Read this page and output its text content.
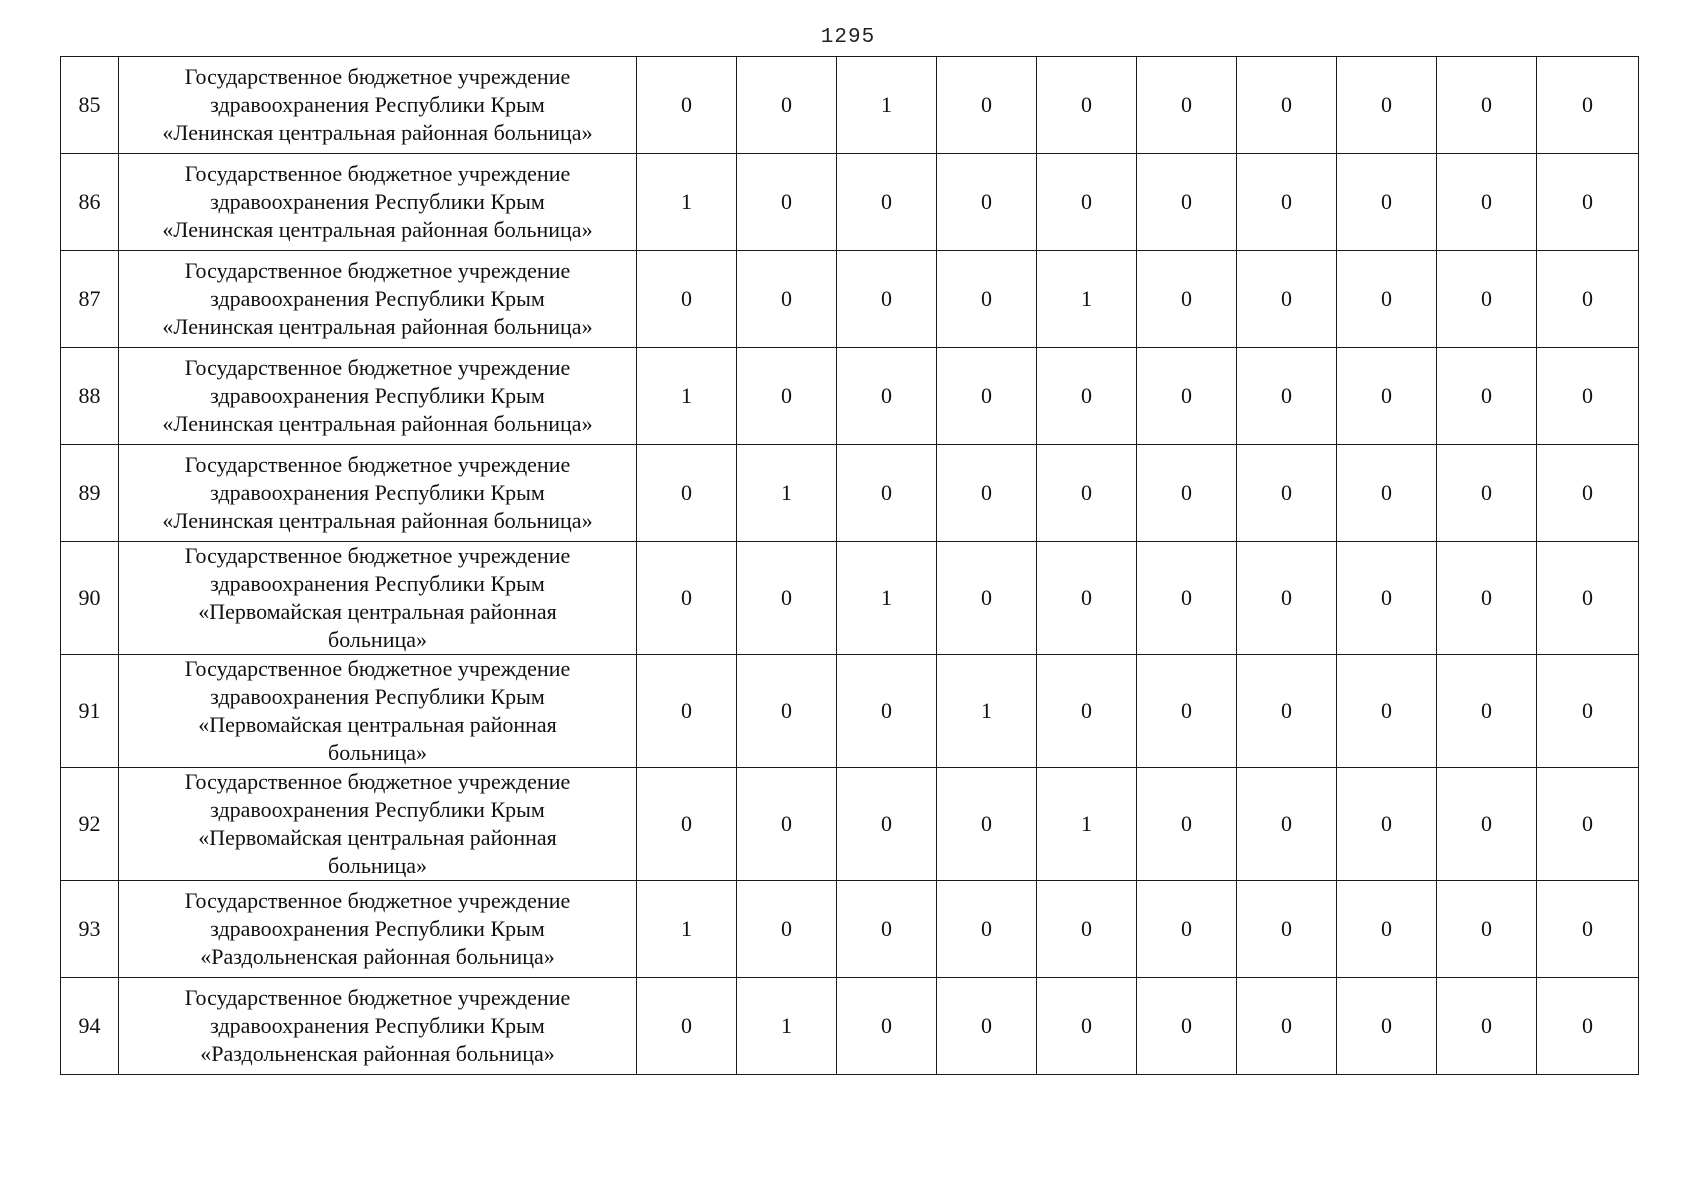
1295
85	Государственное бюджетное учреждение
здравоохранения Республики Крым
«Ленинская центральная районная больница»	0	0	1	0	0	0	0	0	0	0
86	Государственное бюджетное учреждение
здравоохранения Республики Крым
«Ленинская центральная районная больница»	1	0	0	0	0	0	0	0	0	0
87	Государственное бюджетное учреждение
здравоохранения Республики Крым
«Ленинская центральная районная больница»	0	0	0	0	1	0	0	0	0	0
88	Государственное бюджетное учреждение
здравоохранения Республики Крым
«Ленинская центральная районная больница»	1	0	0	0	0	0	0	0	0	0
89	Государственное бюджетное учреждение
здравоохранения Республики Крым
«Ленинская центральная районная больница»	0	1	0	0	0	0	0	0	0	0
90	Государственное бюджетное учреждение
здравоохранения Республики Крым
«Первомайская центральная районная
больница»	0	0	1	0	0	0	0	0	0	0
91	Государственное бюджетное учреждение
здравоохранения Республики Крым
«Первомайская центральная районная
больница»	0	0	0	1	0	0	0	0	0	0
92	Государственное бюджетное учреждение
здравоохранения Республики Крым
«Первомайская центральная районная
больница»	0	0	0	0	1	0	0	0	0	0
93	Государственное бюджетное учреждение
здравоохранения Республики Крым
«Раздольненская районная больница»	1	0	0	0	0	0	0	0	0	0
94	Государственное бюджетное учреждение
здравоохранения Республики Крым
«Раздольненская районная больница»	0	1	0	0	0	0	0	0	0	0
